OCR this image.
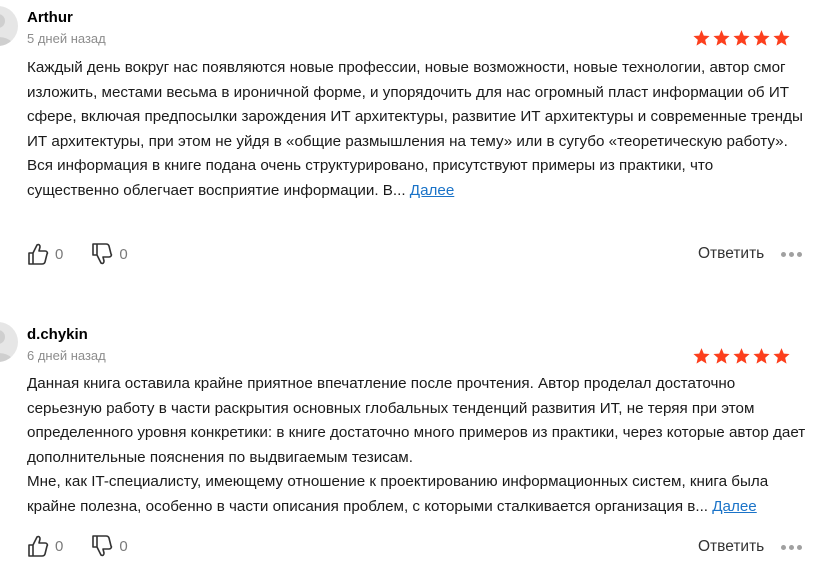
Arthur
5 дней назад

Каждый день вокруг нас появляются новые профессии, новые возможности, новые технологии, автор смог изложить, местами весьма в ироничной форме, и упорядочить для нас огромный пласт информации об ИТ сфере, включая предпосылки зарождения ИТ архитектуры, развитие ИТ архитектуры и современные тренды ИТ архитектуры, при этом не уйдя в «общие размышления на тему» или в сугубо «теоретическую работу». Вся информация в книге подана очень структурировано, присутствуют примеры из практики, что существенно облегчает восприятие информации. В... Далее

0	0	Ответить
d.chykin
6 дней назад

Данная книга оставила крайне приятное впечатление после прочтения. Автор проделал достаточно серьезную работу в части раскрытия основных глобальных тенденций развития ИТ, не теряя при этом определенного уровня конкретики: в книге достаточно много примеров из практики, через которые автор дает дополнительные пояснения по выдвигаемым тезисам.

Мне, как IT-специалисту, имеющему отношение к проектированию информационных систем, книга была крайне полезна, особенно в части описания проблем, с которыми сталкивается организация в... Далее

0	0	Ответить
